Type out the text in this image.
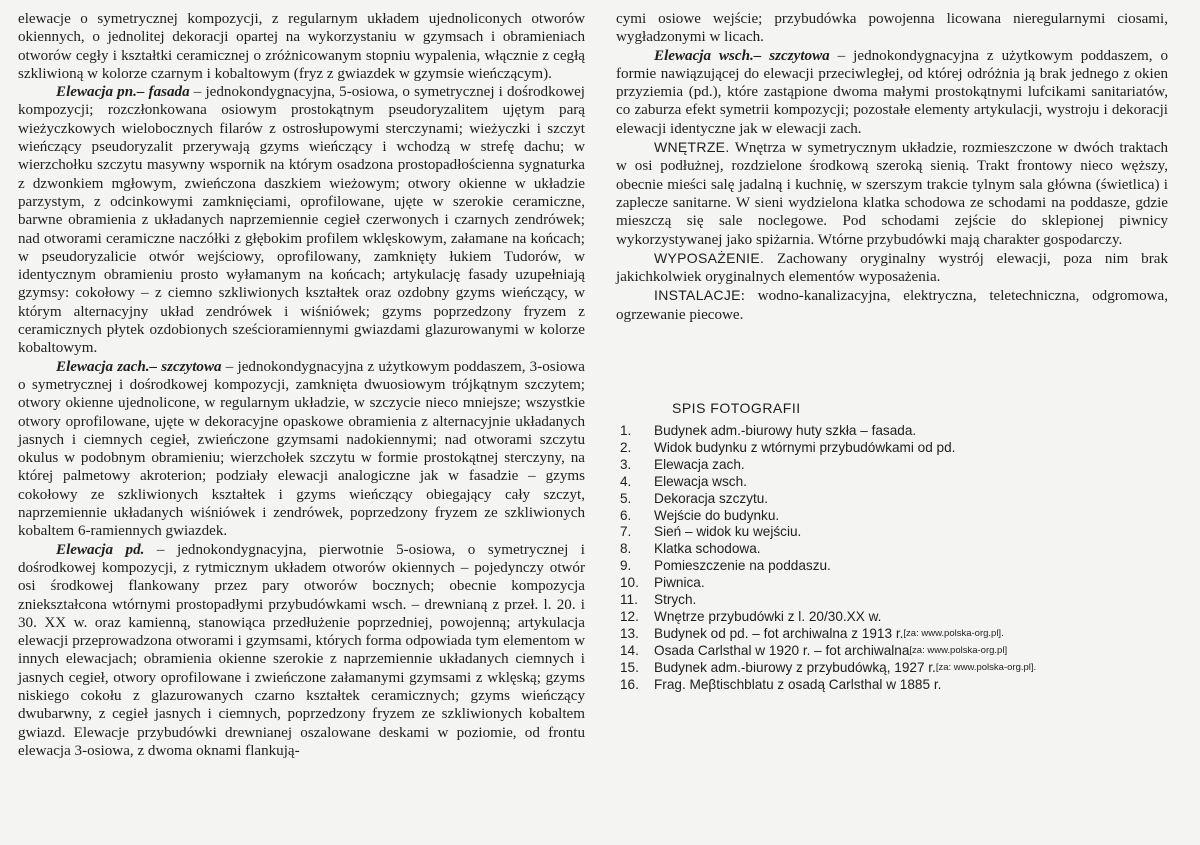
elewacje o symetrycznej kompozycji, z regularnym układem ujednoliconych otworów okiennych, o jednolitej dekoracji opartej na wykorzystaniu w gzymsach i obramieniach otworów cegły i kształtki ceramicznej o zróżnicowanym stopniu wypalenia, włącznie z cegłą szkliwioną w kolorze czarnym i kobaltowym (fryz z gwiazdek w gzymsie wieńczącym).

Elewacja pn.– fasada – jednokondygnacyjna, 5-osiowa, o symetrycznej i dośrodkowej kompozycji; rozczłonkowana osiowym prostokątnym pseudoryzalitem ujętym parą wieżyczkowych wielobocznych filarów z ostrosłupowymi sterczynami; wieżyczki i szczyt wieńczący pseudoryzalit przerywają gzyms wieńczący i wchodzą w strefę dachu; w wierzchołku szczytu masywny wspornik na którym osadzona prostopadłościenna sygnaturka z dzwonkiem mgłowym, zwieńczona daszkiem wieżowym; otwory okienne w układzie parzystym, z odcinkowymi zamknięciami, oprofilowane, ujęte w szerokie ceramiczne, barwne obramienia z układanych naprzemiennie cegieł czerwonych i czarnych zendrówek; nad otworami ceramiczne naczółki z głębokim profilem wklęskowym, załamane na końcach; w pseudoryzalicie otwór wejściowy, oprofilowany, zamknięty łukiem Tudorów, w identycznym obramieniu prosto wyłamanym na końcach; artykulację fasady uzupełniają gzymsy: cokołowy – z ciemno szkliwionych kształtek oraz ozdobny gzyms wieńczący, w którym alternacyjny układ zendrówek i wiśniówek; gzyms poprzedzony fryzem z ceramicznych płytek ozdobionych sześcioramiennymi gwiazdami glazurowanymi w kolorze kobaltowym.

Elewacja zach.– szczytowa – jednokondygnacyjna z użytkowym poddaszem, 3-osiowa o symetrycznej i dośrodkowej kompozycji, zamknięta dwuosiowym trójkątnym szczytem; otwory okienne ujednolicone, w regularnym układzie, w szczycie nieco mniejsze; wszystkie otwory oprofilowane, ujęte w dekoracyjne opaskowe obramienia z alternacyjnie układanych jasnych i ciemnych cegieł, zwieńczone gzymsami nadokiennymi; nad otworami szczytu okulus w podobnym obramieniu; wierzchołek szczytu w formie prostokątnej sterczyny, na której palmetowy akroterion; podziały elewacji analogiczne jak w fasadzie – gzyms cokołowy ze szkliwionych kształtek i gzyms wieńczący obiegający cały szczyt, naprzemiennie układanych wiśniówek i zendrówek, poprzedzony fryzem ze szkliwionych kobaltem 6-ramiennych gwiazdek.

Elewacja pd. – jednokondygnacyjna, pierwotnie 5-osiowa, o symetrycznej i dośrodkowej kompozycji, z rytmicznym układem otworów okiennych – pojedynczy otwór osi środkowej flankowany przez pary otworów bocznych; obecnie kompozycja zniekształcona wtórnymi prostopadłymi przybudówkami wsch. – drewnianą z przeł. l. 20. i 30. XX w. oraz kamienną, stanowiąca przedłużenie poprzedniej, powojenną; artykulacja elewacji przeprowadzona otworami i gzymsami, których forma odpowiada tym elementom w innych elewacjach; obramienia okienne szerokie z naprzemiennie układanych ciemnych i jasnych cegieł, otwory oprofilowane i zwieńczone załamanymi gzymsami z wklęską; gzyms niskiego cokołu z glazurowanych czarno kształtek ceramicznych; gzyms wieńczący dwubarwny, z cegieł jasnych i ciemnych, poprzedzony fryzem ze szkliwionych kobaltem gwiazd. Elewacje przybudówki drewnianej oszalowane deskami w poziomie, od frontu elewacja 3-osiowa, z dwoma oknami flankują-

cymi osiowe wejście; przybudówka powojenna licowana nieregularnymi ciosami, wygładzonymi w licach.

Elewacja wsch.– szczytowa – jednokondygnacyjna z użytkowym poddaszem, o formie nawiązującej do elewacji przeciwległej, od której odróżnia ją brak jednego z okien przyziemia (pd.), które zastąpione dwoma małymi prostokątnymi lufcikami sanitariatów, co zaburza efekt symetrii kompozycji; pozostałe elementy artykulacji, wystroju i dekoracji elewacji identyczne jak w elewacji zach.

WNĘTRZE. Wnętrza w symetrycznym układzie, rozmieszczone w dwóch traktach w osi podłużnej, rozdzielone środkową szeroką sienią. Trakt frontowy nieco węższy, obecnie mieści salę jadalną i kuchnię, w szerszym trakcie tylnym sala główna (świetlica) i zaplecze sanitarne. W sieni wydzielona klatka schodowa ze schodami na poddasze, gdzie mieszczą się sale noclegowe. Pod schodami zejście do sklepionej piwnicy wykorzystywanej jako spiżarnia. Wtórne przybudówki mają charakter gospodarczy.

WYPOSAŻENIE. Zachowany oryginalny wystrój elewacji, poza nim brak jakichkolwiek oryginalnych elementów wyposażenia.

INSTALACJE: wodno-kanalizacyjna, elektryczna, teletechniczna, odgromowa, ogrzewanie piecowe.

SPIS FOTOGRAFII
1.	Budynek adm.-biurowy huty szkła – fasada.
2.	Widok budynku z wtórnymi przybudówkami od pd.
3.	Elewacja zach.
4.	Elewacja wsch.
5.	Dekoracja szczytu.
6.	Wejście do budynku.
7.	Sień – widok ku wejściu.
8.	Klatka schodowa.
9.	Pomieszczenie na poddaszu.
10.	Piwnica.
11.	Strych.
12.	Wnętrze przybudówki z l. 20/30.XX w.
13.	Budynek od pd. – fot archiwalna z 1913 r. [za: www.polska-org.pl].
14.	Osada Carlsthal w 1920 r. – fot archiwalna [za: www.polska-org.pl]
15.	Budynek adm.-biurowy z przybudówką, 1927 r. [za: www.polska-org.pl].
16.	Frag. Meβtischblatu z osadą Carlsthal w 1885 r.
